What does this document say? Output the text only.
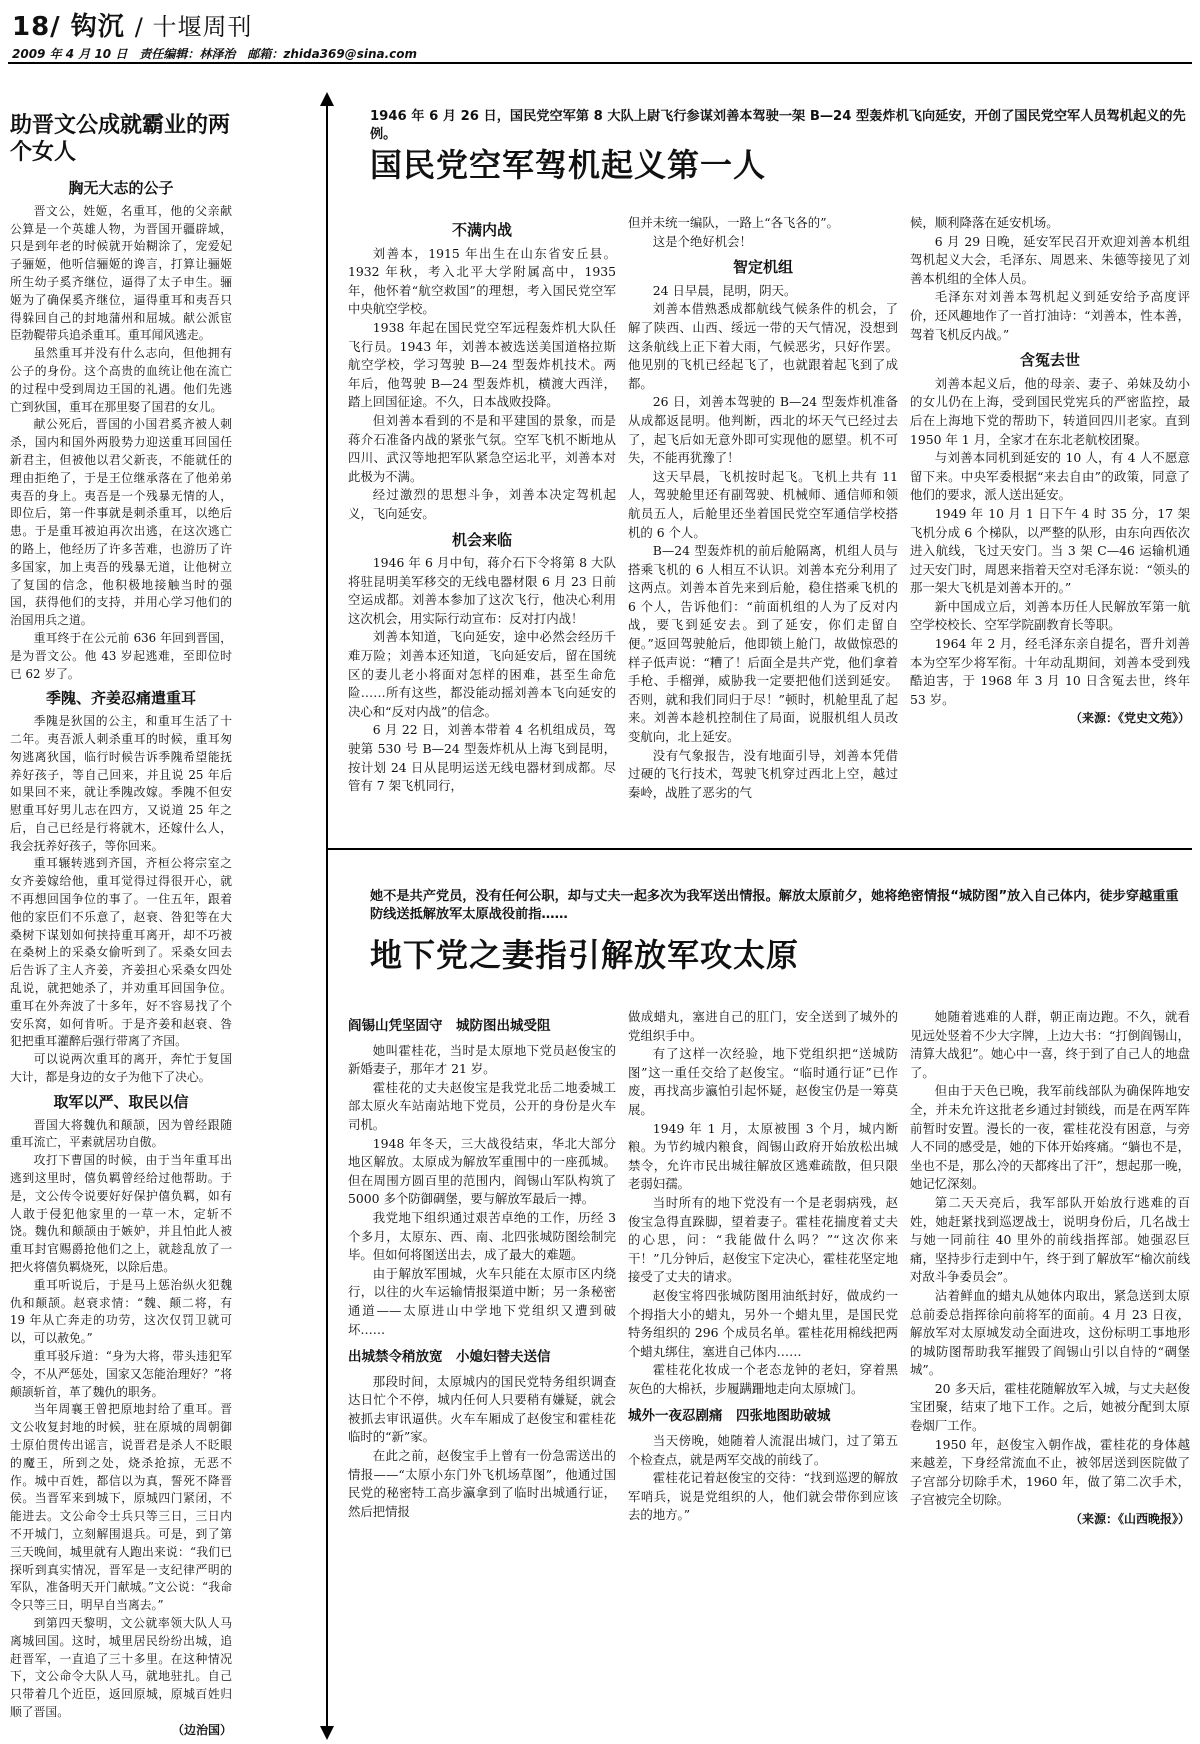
18/ 钩沉 / 十堰周刊
2009 年 4 月 10 日　责任编辑：林泽治　邮箱：zhida369@sina.com
助晋文公成就霸业的两个女人
胸无大志的公子

晋文公，姓姬，名重耳，他的父亲献公算是一个英雄人物，为晋国开疆辟域，只是到年老的时候就开始糊涂了，宠爱妃子骊姬，他听信骊姬的谗言，打算让骊姬所生幼子奚齐继位，逼得了太子申生。骊姬为了确保奚齐继位，逼得重耳和夷吾只得躲回自己的封地蒲州和屈城。献公派宦臣勃鞮带兵追杀重耳。重耳闻风逃走。

虽然重耳并没有什么志向，但他拥有公子的身份。这个高贵的血统让他在流亡的过程中受到周边王国的礼遇。他们先逃亡到狄国，重耳在那里娶了国君的女儿。

献公死后，晋国的小国君奚齐被人刺杀，国内和国外两股势力迎送重耳回国任新君主，但被他以君父新丧，不能就任的理由拒绝了，于是王位继承落在了他弟弟夷吾的身上。夷吾是一个残暴无情的人，即位后，第一件事就是刺杀重耳，以绝后患。于是重耳被迫再次出逃，在这次逃亡的路上，他经历了许多苦难，也游历了许多国家，加上夷吾的残暴无道，让他树立了复国的信念，他积极地接触当时的强国，获得他们的支持，并用心学习他们的治国用兵之道。

重耳终于在公元前 636 年回到晋国，是为晋文公。他 43 岁起逃难，至即位时已 62 岁了。

季隗、齐姜忍痛遣重耳

季隗是狄国的公主，和重耳生活了十二年。夷吾派人刺杀重耳的时候，重耳匆匆逃离狄国，临行时候告诉季隗希望能抚养好孩子，等自己回来，并且说 25 年后如果回不来，就让季隗改嫁。季隗不但安慰重耳好男儿志在四方，又说道 25 年之后，自己已经是行将就木，还嫁什么人，我会抚养好孩子，等你回来。

重耳辗转逃到齐国，齐桓公将宗室之女齐姜嫁给他，重耳觉得过得很开心，就不再想回国争位的事了。一住五年，跟着他的家臣们不乐意了，赵衰、咎犯等在大桑树下谋划如何挟持重耳离开，却不巧被在桑树上的采桑女偷听到了。采桑女回去后告诉了主人齐姜，齐姜担心采桑女四处乱说，就把她杀了，并劝重耳回国争位。重耳在外奔波了十多年，好不容易找了个安乐窝，如何肯听。于是齐姜和赵衰、咎犯把重耳灌醉后强行带离了齐国。

可以说两次重耳的离开，奔忙于复国大计，都是身边的女子为他下了决心。

取军以严、取民以信

晋国大将魏仇和颠颉，因为曾经跟随重耳流亡，平素就居功自傲。

攻打下曹国的时候，由于当年重耳出逃到这里时，僖负羁曾经给过他帮助。于是，文公传令说要好好保护僖负羁，如有人敢于侵犯他家里的一草一木，定斩不饶。魏仇和颠颉由于嫉妒，并且怕此人被重耳封官赐爵抢他们之上，就趁乱放了一把火将僖负羁烧死，以除后患。

重耳听说后，于是马上惩治纵火犯魏仇和颠颉。赵衰求情：“魏、颠二将，有 19 年从亡奔走的功劳，这次仅罚卫就可以，可以赦免。”

重耳驳斥道：“身为大将，带头违犯军令，不从严惩处，国家又怎能治理好？”将颠颉斩首，革了魏仇的职务。

当年周襄王曾把原地封给了重耳。晋文公收复封地的时候，驻在原城的周朝御士原伯贯传出谣言，说晋君是杀人不眨眼的魔王，所到之处，烧杀抢掠，无恶不作。城中百姓，都信以为真，誓死不降晋侯。当晋军来到城下，原城四门紧闭，不能进去。文公命令士兵只等三日，三日内不开城门，立刻解围退兵。可是，到了第三天晚间，城里就有人跑出来说：“我们已探听到真实情况，晋军是一支纪律严明的军队，准备明天开门献城。”文公说：“我命令只等三日，明早自当离去。”

到第四天黎明，文公就率领大队人马离城回国。这时，城里居民纷纷出城，追赶晋军，一直追了三十多里。在这种情况下，文公命令大队人马，就地驻扎。自己只带着几个近臣，返回原城，原城百姓归顺了晋国。

（边治国）
1946 年 6 月 26 日，国民党空军第 8 大队上尉飞行参谋刘善本驾驶一架 B—24 型轰炸机飞向延安，开创了国民党空军人员驾机起义的先例。
国民党空军驾机起义第一人
不满内战

刘善本，1915 年出生在山东省安丘县。1932 年秋，考入北平大学附属高中，1935 年，他怀着“航空救国”的理想，考入国民党空军中央航空学校。

1938 年起在国民党空军远程轰炸机大队任飞行员。1943 年，刘善本被选送美国道格拉斯航空学校，学习驾驶 B—24 型轰炸机技术。两年后，他驾驶 B—24 型轰炸机，横渡大西洋，踏上回国征途。不久，日本战败投降。

但刘善本看到的不是和平建国的景象，而是蒋介石准备内战的紧张气氛。空军飞机不断地从四川、武汉等地把军队紧急空运北平，刘善本对此极为不满。

经过激烈的思想斗争，刘善本决定驾机起义，飞向延安。

机会来临

1946 年 6 月中旬，蒋介石下令将第 8 大队将驻昆明美军移交的无线电器材限 6 月 23 日前空运成都。刘善本参加了这次飞行，他决心利用这次机会，用实际行动宣布：反对打内战！

刘善本知道，飞向延安，途中必然会经历千难万险；刘善本还知道，飞向延安后，留在国统区的妻儿老小将面对怎样的困难，甚至生命危险……所有这些，都没能动摇刘善本飞向延安的决心和“反对内战”的信念。

6 月 22 日，刘善本带着 4 名机组成员，驾驶第 530 号 B—24 型轰炸机从上海飞到昆明，按计划 24 日从昆明运送无线电器材到成都。尽管有 7 架飞机同行，

但并未统一编队，一路上“各飞各的”。

这是个绝好机会！

智定机组

24 日早晨，昆明，阴天。

刘善本借熟悉成都航线气候条件的机会，了解了陕西、山西、绥远一带的天气情况，没想到这条航线上正下着大雨，气候恶劣，只好作罢。他见别的飞机已经起飞了，也就跟着起飞到了成都。

26 日，刘善本驾驶的 B—24 型轰炸机准备从成都返昆明。他判断，西北的坏天气已经过去了，起飞后如无意外即可实现他的愿望。机不可失，不能再犹豫了！

这天早晨，飞机按时起飞。飞机上共有 11 人，驾驶舱里还有副驾驶、机械师、通信师和领航员五人，后舱里还坐着国民党空军通信学校搭机的 6 个人。

B—24 型轰炸机的前后舱隔离，机组人员与搭乘飞机的 6 人相互不认识。刘善本充分利用了这两点。刘善本首先来到后舱，稳住搭乘飞机的 6 个人，告诉他们：“前面机组的人为了反对内战，要飞到延安去。到了延安，你们走留自便。”返回驾驶舱后，他即锁上舱门，故做惊恐的样子低声说：“糟了！后面全是共产党，他们拿着手枪、手榴弹，威胁我一定要把他们送到延安。否则，就和我们同归于尽！”顿时，机舱里乱了起来。刘善本趁机控制住了局面，说服机组人员改变航向，北上延安。

没有气象报告，没有地面引导，刘善本凭借过硬的飞行技术，驾驶飞机穿过西北上空，越过秦岭，战胜了恶劣的气

候，顺利降落在延安机场。

6 月 29 日晚，延安军民召开欢迎刘善本机组驾机起义大会，毛泽东、周恩来、朱德等接见了刘善本机组的全体人员。

毛泽东对刘善本驾机起义到延安给予高度评价，还风趣地作了一首打油诗：“刘善本，性本善，驾着飞机反内战。”

含冤去世

刘善本起义后，他的母亲、妻子、弟妹及幼小的女儿仍在上海，受到国民党宪兵的严密监控，最后在上海地下党的帮助下，转道回四川老家。直到 1950 年 1 月，全家才在东北老航校团聚。

与刘善本同机到延安的 10 人，有 4 人不愿意留下来。中央军委根据“来去自由”的政策，同意了他们的要求，派人送出延安。

1949 年 10 月 1 日下午 4 时 35 分，17 架飞机分成 6 个梯队，以严整的队形，由东向西依次进入航线，飞过天安门。当 3 架 C—46 运输机通过天安门时，周恩来指着天空对毛泽东说：“领头的那一架大飞机是刘善本开的。”

新中国成立后，刘善本历任人民解放军第一航空学校校长、空军学院副教育长等职。

1964 年 2 月，经毛泽东亲自提名，晋升刘善本为空军少将军衔。十年动乱期间，刘善本受到残酷迫害，于 1968 年 3 月 10 日含冤去世，终年 53 岁。

（来源：《党史文苑》）
她不是共产党员，没有任何公职，却与丈夫一起多次为我军送出情报。解放太原前夕，她将绝密情报“城防图”放入自己体内，徒步穿越重重防线送抵解放军太原战役前指……
地下党之妻指引解放军攻太原
阎锡山凭坚固守　城防图出城受阻

她叫霍桂花，当时是太原地下党员赵俊宝的新婚妻子，那年才 21 岁。

霍桂花的丈夫赵俊宝是我党北岳二地委城工部太原火车站南站地下党员，公开的身份是火车司机。

1948 年冬天，三大战役结束，华北大部分地区解放。太原成为解放军重围中的一座孤城。但在周围方圆百里的范围内，阎锡山军队构筑了 5000 多个防御碉堡，要与解放军最后一搏。

我党地下组织通过艰苦卓绝的工作，历经 3 个多月，太原东、西、南、北四张城防图绘制完毕。但如何将图送出去，成了最大的难题。

由于解放军围城，火车只能在太原市区内绕行，以往的火车运输情报渠道中断；另一条秘密通道——太原进山中学地下党组织又遭到破坏……

出城禁令稍放宽　小媳妇替夫送信

那段时间，太原城内的国民党特务组织调查达日忙个不停，城内任何人只要稍有嫌疑，就会被抓去审讯逼供。火车车厢成了赵俊宝和霍桂花临时的“新”家。

在此之前，赵俊宝手上曾有一份急需送出的情报——“太原小东门外飞机场草图”，他通过国民党的秘密特工高步瀛拿到了临时出城通行证，然后把情报

做成蜡丸，塞进自己的肛门，安全送到了城外的党组织手中。

有了这样一次经验，地下党组织把“送城防图”这一重任交给了赵俊宝。“临时通行证”已作废，再找高步瀛怕引起怀疑，赵俊宝仍是一筹莫展。

1949 年 1 月，太原被围 3 个月，城内断粮。为节约城内粮食，阎锡山政府开始放松出城禁令，允许市民出城往解放区逃难疏散，但只限老弱妇孺。

当时所有的地下党没有一个是老弱病残，赵俊宝急得直跺脚，望着妻子。霍桂花揣度着丈夫的心思，问：“我能做什么吗？”“这次你来干！”几分钟后，赵俊宝下定决心，霍桂花坚定地接受了丈夫的请求。

赵俊宝将四张城防图用油纸封好，做成约一个拇指大小的蜡丸，另外一个蜡丸里，是国民党特务组织的 296 个成员名单。霍桂花用棉线把两个蜡丸绑住，塞进自己体内……

霍桂花化妆成一个老态龙钟的老妇，穿着黑灰色的大棉袄，步履蹒跚地走向太原城门。

城外一夜忍剧痛　四张地图助破城

当天傍晚，她随着人流混出城门，过了第五个检查点，就是两军交战的前线了。

霍桂花记着赵俊宝的交待：“找到巡逻的解放军哨兵，说是党组织的人，他们就会带你到应该去的地方。”

她随着逃难的人群，朝正南边跑。不久，就看见远处竖着不少大字牌，上边大书：“打倒阎锡山，清算大战犯”。她心中一喜，终于到了自己人的地盘了。

但由于天色已晚，我军前线部队为确保阵地安全，并未允许这批老乡通过封锁线，而是在两军阵前暂时安置。漫长的一夜，霍桂花没有困意，与旁人不同的感受是，她的下体开始疼痛。“躺也不是，坐也不是，那么冷的天都疼出了汗”，想起那一晚，她记忆深刻。

第二天天亮后，我军部队开始放行逃难的百姓，她赶紧找到巡逻战士，说明身份后，几名战士与她一同前往 40 里外的前线指挥部。她强忍巨痛，坚持步行走到中午，终于到了解放军“榆次前线对敌斗争委员会”。

沾着鲜血的蜡丸从她体内取出，紧急送到太原总前委总指挥徐向前将军的面前。4 月 23 日夜，解放军对太原城发动全面进攻，这份标明工事地形的城防图帮助我军摧毁了阎锡山引以自恃的“碉堡城”。

20 多天后，霍桂花随解放军入城，与丈夫赵俊宝团聚，结束了地下工作。之后，她被分配到太原卷烟厂工作。

1950 年，赵俊宝入朝作战，霍桂花的身体越来越差，下身经常流血不止，被邻居送到医院做了子宫部分切除手术，1960 年，做了第二次手术，子宫被完全切除。

（来源：《山西晚报》）
